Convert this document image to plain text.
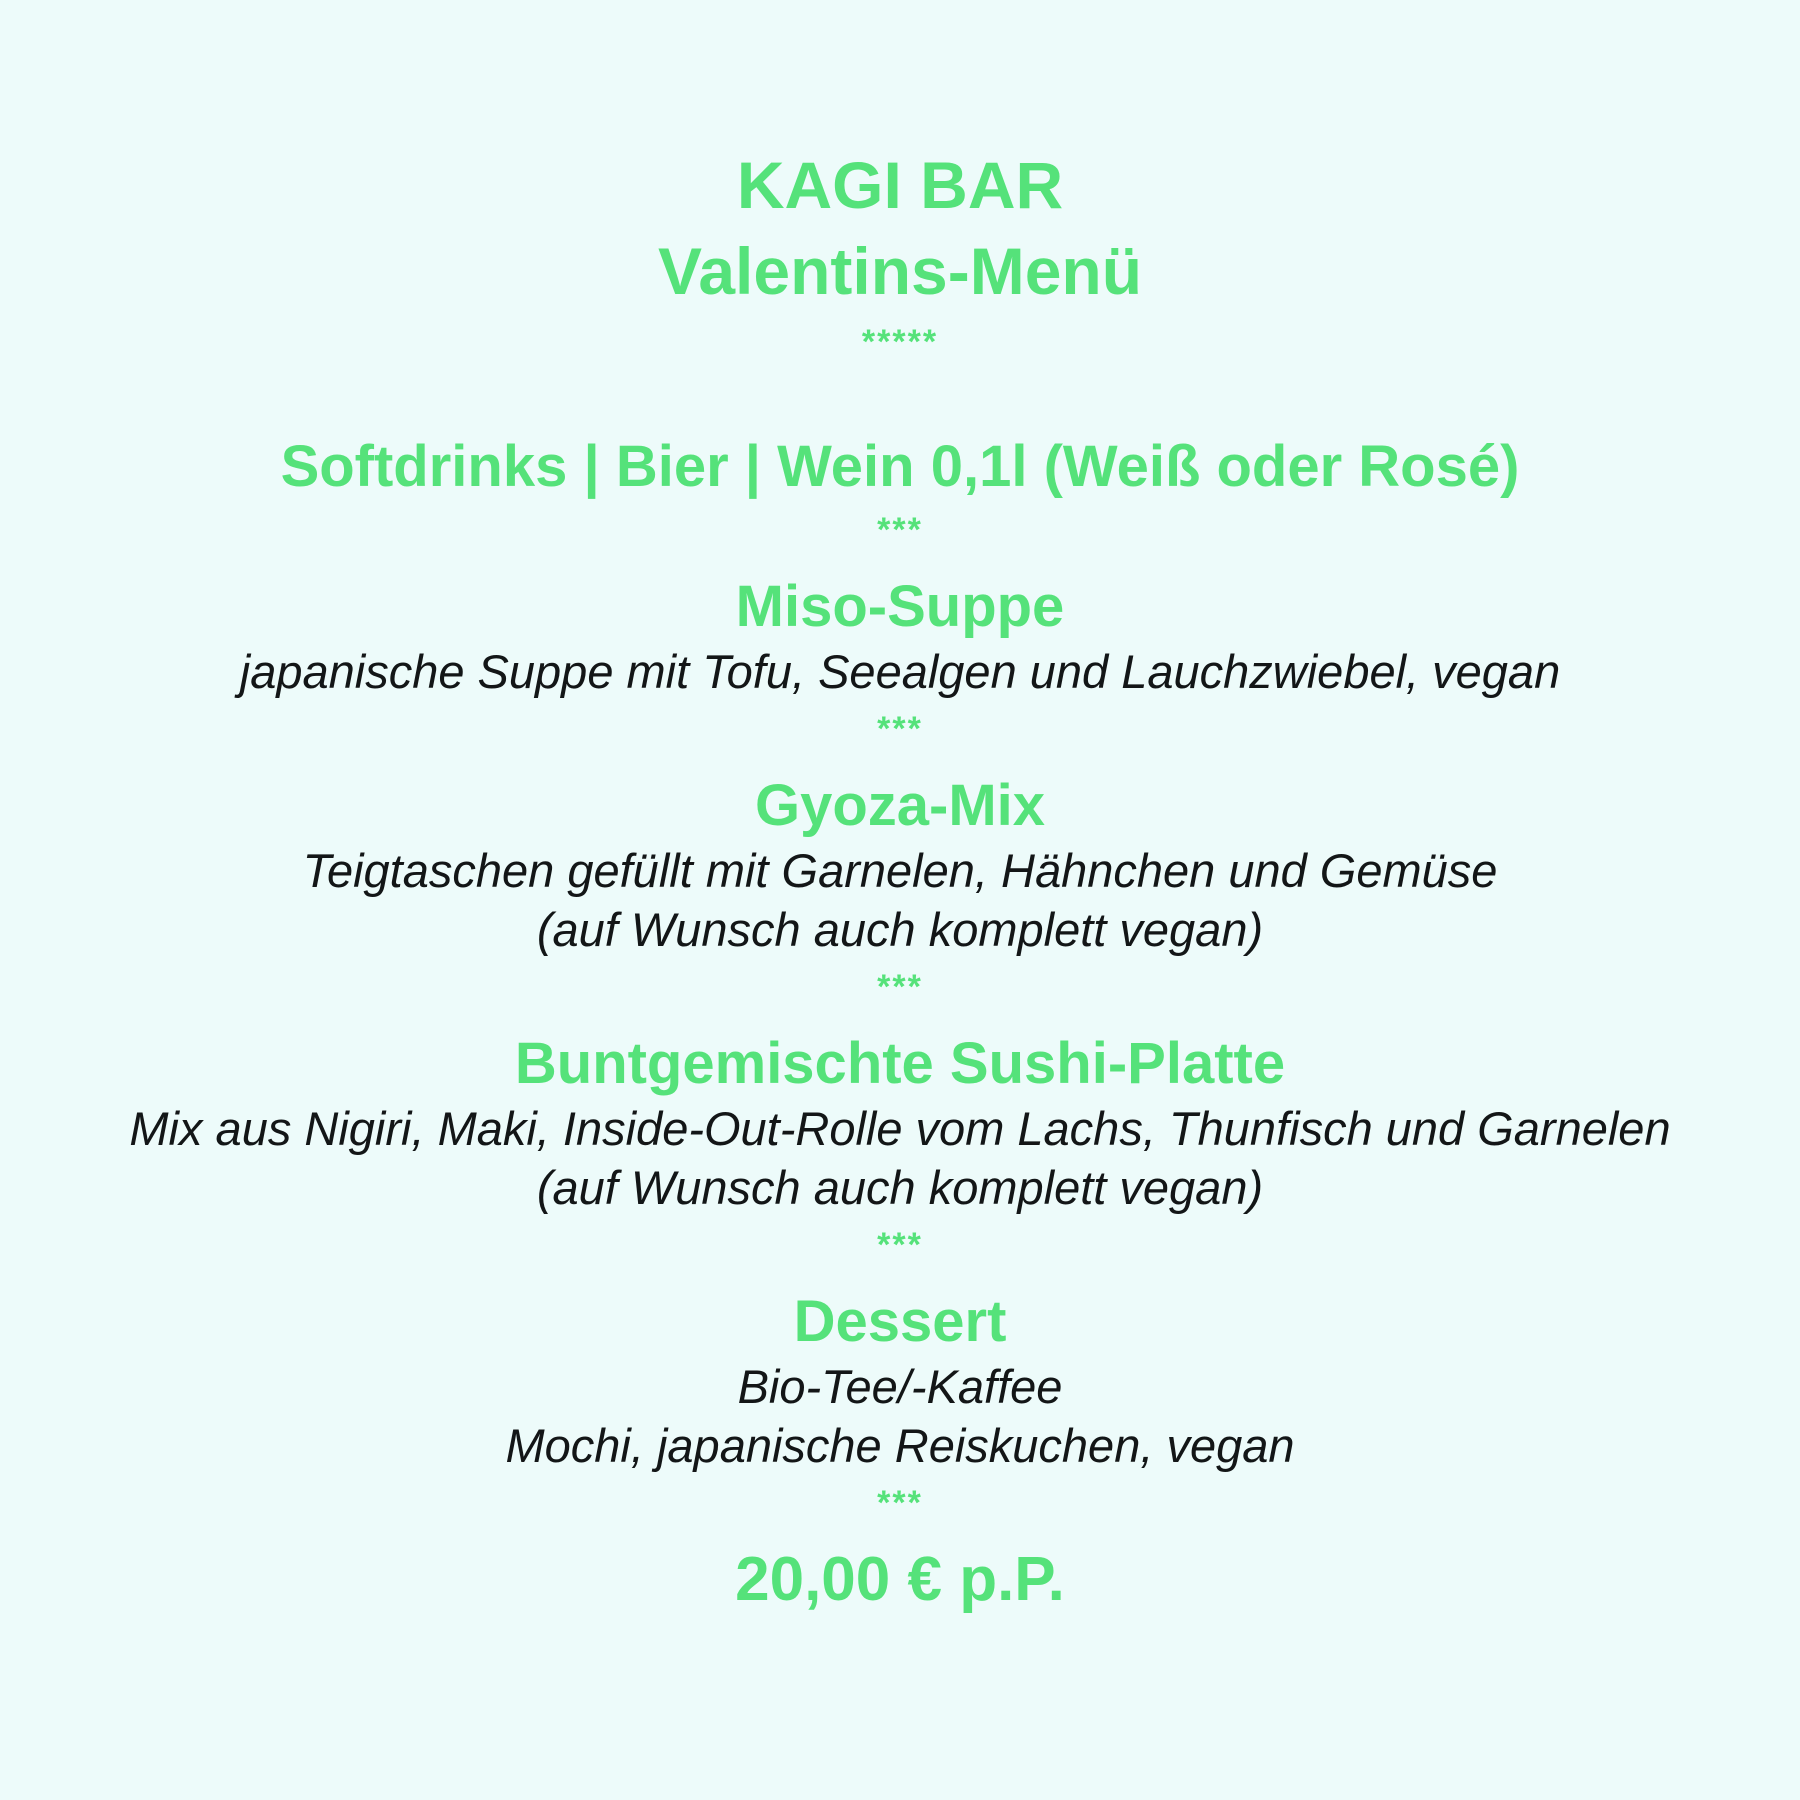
KAGI BAR
Valentins-Menü
*****
Softdrinks | Bier | Wein 0,1l (Weiß oder Rosé)
***
Miso-Suppe
japanische Suppe mit Tofu, Seealgen und Lauchzwiebel, vegan
***
Gyoza-Mix
Teigtaschen gefüllt mit Garnelen, Hähnchen und Gemüse
(auf Wunsch auch komplett vegan)
***
Buntgemischte Sushi-Platte
Mix aus Nigiri, Maki, Inside-Out-Rolle vom Lachs, Thunfisch und Garnelen
(auf Wunsch auch komplett vegan)
***
Dessert
Bio-Tee/-Kaffee
Mochi, japanische Reiskuchen, vegan
***
20,00 € p.P.
